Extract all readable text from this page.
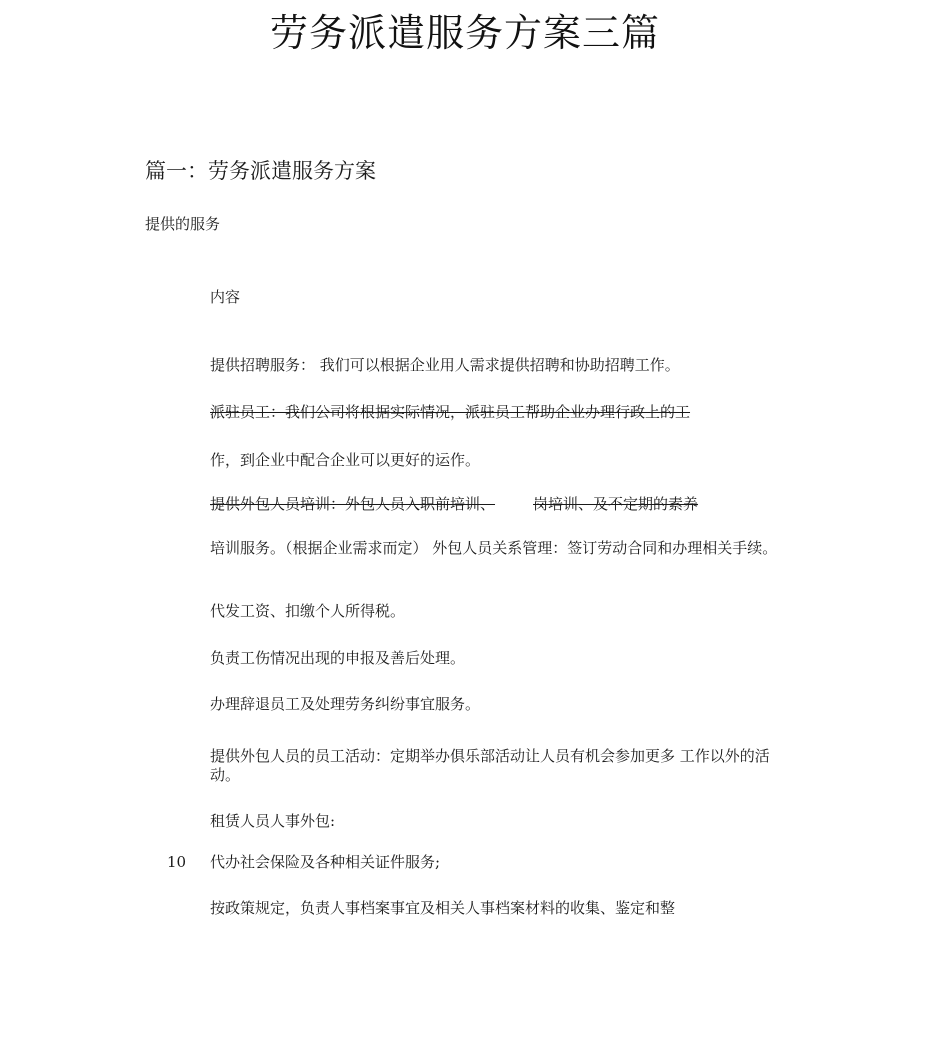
劳务派遣服务方案三篇
篇一：劳务派遣服务方案
提供的服务
内容
提供招聘服务： 我们可以根据企业用人需求提供招聘和协助招聘工作。
派驻员工：我们公司将根据实际情况，派驻员工帮助企业办理行政上的工
作，到企业中配合企业可以更好的运作。
提供外包人员培训：外包人员入职前培训、	岗培训、及不定期的素养
培训服务。（根据企业需求而定） 外包人员关系管理：签订劳动合同和办理相关手续。
代发工资、扣缴个人所得税。
负责工伤情况出现的申报及善后处理。
办理辞退员工及处理劳务纠纷事宜服务。
提供外包人员的员工活动：定期举办俱乐部活动让人员有机会参加更多 工作以外的活动。
租赁人员人事外包:
10 代办社会保险及各种相关证件服务;
按政策规定，负责人事档案事宜及相关人事档案材料的收集、鉴定和整
